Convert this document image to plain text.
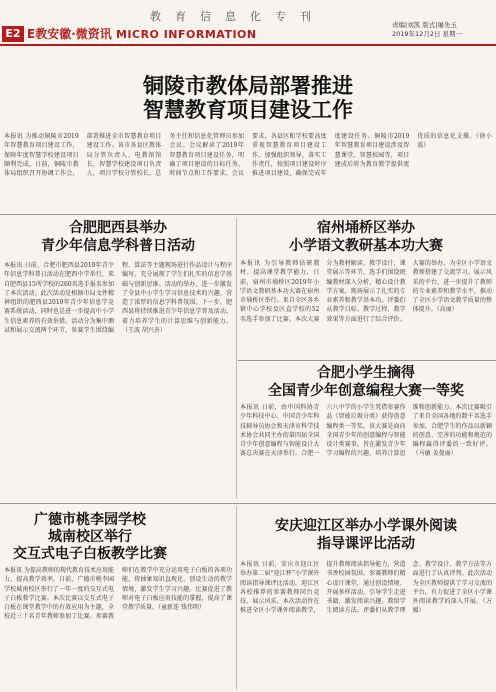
教育信息化专刊
E2 E教安徽·微资讯 MICRO INFORMATION
责编|刘凯 版式|屠先玉
2019年12月2日 星期一
铜陵市教体局部署推进
智慧教育项目建设工作
本报讯 为推动铜陵市2019年智慧教育项目建设工作，保障年度智慧学校建设项目顺利完成，日前，铜陵市教体局组织召开协调工作会，部署推进全市智慧教育项目建设工作。该市各县区教体局分管负责人、电教馆馆长，智慧学校建设项目负责人，项目学校分管校长、总务主任和信息化管理员参加会议。会议解读了2019年智慧教育项目建设任务，明确了项目建设的目标任务、时间节点和工作要求。会议要求，各县区和学校要高度重视智慧教育项目建设工作，加强组织领导，落实工作责任，按照项目建设时序推进项目建设，确保完成年度建设任务。铜陵市2019年智慧教育项目建设涉及智慧课堂、智慧校园等，项目建成后将为教育教学提供更优质的信息化支撑。（徐小波）
合肥肥西县举办
青少年信息学科普日活动
本报讯 日前，合肥市肥西县2019年青少年信息学科普日活动在肥西中学举行，来自肥西县15所学校的260名选手报名参加了本次活动。此次活动是根据市局文件精神组织的肥西县2019年青少年信息学竞赛系统活动，同时也是进一步提高中小学生信息素养的有效举措。活动分为集中测试和展示交流两个环节，参赛学生围绕编程、算法等主题现场进行作品设计与程序编写，充分展现了学生们扎实的信息学基础与创新思维。活动的举办，进一步激发了全县中小学生学习信息技术的兴趣，营造了浓厚的信息学科普氛围。下一步，肥西县将持续推进青少年信息学普及活动，着力培养学生的计算思维与创新能力。（王波 胡兴善）
宿州埇桥区举办
小学语文教研基本功大赛
本报讯 为引导教师钻研教材、提高课堂教学能力，日前，宿州市埇桥区2019年小学语文教研基本功大赛在宿州市埇桥区举行。来自全区各乡镇中心学校及区直学校的52名选手参加了比赛。本次大赛分为教材解读、教学设计、课堂展示等环节，选手们围绕统编教材深入分析，精心设计教学方案，现场展示了扎实的专业素养和教学基本功。评委们从教学目标、教学过程、教学效果等方面进行了综合评价。大赛的举办，为全区小学语文教师搭建了交流学习、展示风采的平台，进一步提升了教师的专业素养和教学水平，推动了全区小学语文教学质量的整体提升。（高丽）
合肥小学生摘得
全国青少年创意编程大赛一等奖
本报讯 日前，由中国科协青少年科技中心、中国青少年科技辅导员协会和天津市科学技术协会共同主办的第四届全国青少年创意编程与智能设计大赛总决赛在天津举行。合肥一六八中学的小学生凭借参赛作品《智能垃圾分类》获得创意编程类一等奖。该大赛是面向全国青少年的创意编程与智能设计类赛事，旨在激发青少年学习编程的兴趣，培养计算思维和创新能力。本次比赛吸引了来自全国各地的数千名选手参加，合肥学生的作品以新颖的创意、完善的功能和规范的编程赢得评委的一致好评。（马敏 姜曼丽）
广德市桃李园学校
城南校区举行
交互式电子白板教学比赛
本报讯 为提高教师的现代教育技术应用能力，提高教学效率，日前，广德市桃李园学校城南校区举行了一年一度的交互式电子白板教学比赛。本次比赛以交互式电子白板在课堂教学中的有效应用为主题，全校近三十名青年教师参加了比赛。参赛教师们在教学中充分运用电子白板的各项功能，将抽象知识直观化，创设生动的教学情境，激发学生学习兴趣。比赛促进了教师对电子白板应用技能的掌握，提高了课堂教学质量。（童新连 钱伟明）
安庆迎江区举办小学课外阅读
指导课评比活动
本报讯 日前，安庆市迎江区举办第二届“迎江杯”小学课外阅读指导课评比活动，迎江区各校推荐的参赛教师同台竞技，展示风采。本次活动旨在推进全区小学课外阅读教学，提升教师阅读指导能力，营造书香校园氛围。参赛教师们精心设计课堂，通过创设情境、开展多样活动，引导学生走进书籍，激发阅读兴趣，教给学生阅读方法。评委们从教学理念、教学设计、教学方法等方面进行了认真评判。此次活动为全区教师提供了学习交流的平台，有力促进了全区小学课外阅读教学的深入开展。（方媛）
